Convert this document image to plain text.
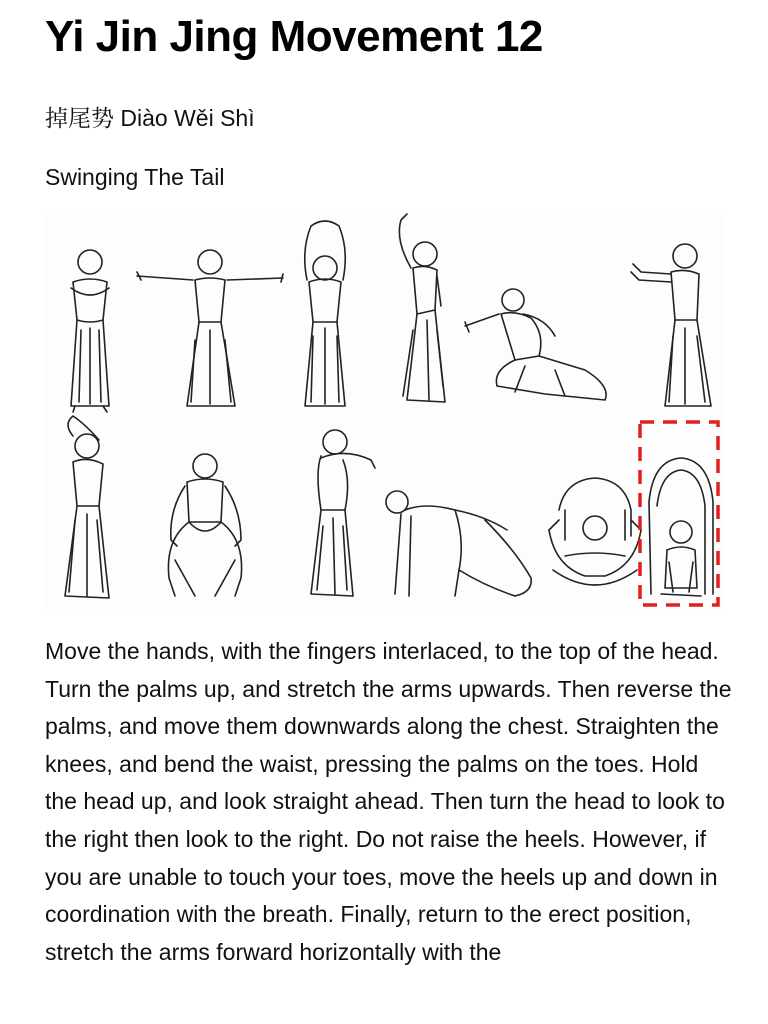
Yi Jin Jing Movement 12

掉尾势 Diào Wěi Shì

Swinging The Tail

Move the hands, with the fingers interlaced, to the top of the head. Turn the palms up, and stretch the arms upwards. Then reverse the palms, and move them downwards along the chest. Straighten the knees, and bend the waist, pressing the palms on the toes. Hold the head up, and look straight ahead. Then turn the head to look to the right then look to the right. Do not raise the heels. However, if you are unable to touch your toes, move the heels up and down in coordination with the breath. Finally, return to the erect position, stretch the arms forward horizontally with the
